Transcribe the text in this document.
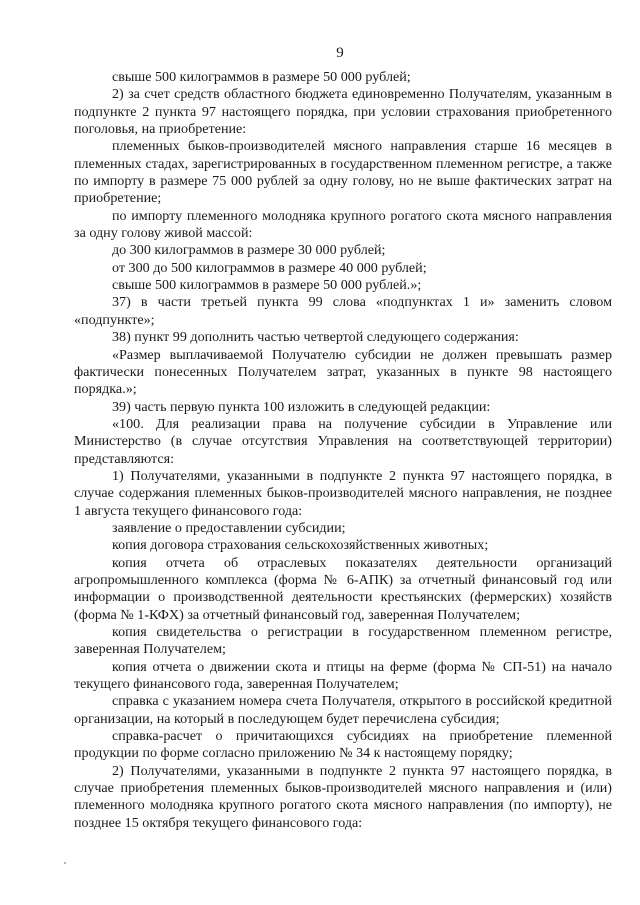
9

свыше 500 килограммов в размере 50 000 рублей;

2) за счет средств областного бюджета единовременно Получателям, указанным в подпункте 2 пункта 97 настоящего порядка, при условии страхования приобретенного поголовья, на приобретение:

племенных быков-производителей мясного направления старше 16 месяцев в племенных стадах, зарегистрированных в государственном племенном регистре, а также по импорту в размере 75 000 рублей за одну голову, но не выше фактических затрат на приобретение;

по импорту племенного молодняка крупного рогатого скота мясного направления за одну голову живой массой:

до 300 килограммов в размере 30 000 рублей;

от 300 до 500 килограммов в размере 40 000 рублей;

свыше 500 килограммов в размере 50 000 рублей.»;

37) в части третьей пункта 99 слова «подпунктах 1 и» заменить словом «подпункте»;

38) пункт 99 дополнить частью четвертой следующего содержания:

«Размер выплачиваемой Получателю субсидии не должен превышать размер фактически понесенных Получателем затрат, указанных в пункте 98 настоящего порядка.»;

39) часть первую пункта 100 изложить в следующей редакции:

«100. Для реализации права на получение субсидии в Управление или Министерство (в случае отсутствия Управления на соответствующей территории) представляются:

1) Получателями, указанными в подпункте 2 пункта 97 настоящего порядка, в случае содержания племенных быков-производителей мясного направления, не позднее 1 августа текущего финансового года:

заявление о предоставлении субсидии;

копия договора страхования сельскохозяйственных животных;

копия отчета об отраслевых показателях деятельности организаций агропромышленного комплекса (форма № 6-АПК) за отчетный финансовый год или информации о производственной деятельности крестьянских (фермерских) хозяйств (форма № 1-КФХ) за отчетный финансовый год, заверенная Получателем;

копия свидетельства о регистрации в государственном племенном регистре, заверенная Получателем;

копия отчета о движении скота и птицы на ферме (форма № СП-51) на начало текущего финансового года, заверенная Получателем;

справка с указанием номера счета Получателя, открытого в российской кредитной организации, на который в последующем будет перечислена субсидия;

справка-расчет о причитающихся субсидиях на приобретение племенной продукции по форме согласно приложению № 34 к настоящему порядку;

2) Получателями, указанными в подпункте 2 пункта 97 настоящего порядка, в случае приобретения племенных быков-производителей мясного направления и (или) племенного молодняка крупного рогатого скота мясного направления (по импорту), не позднее 15 октября текущего финансового года:
